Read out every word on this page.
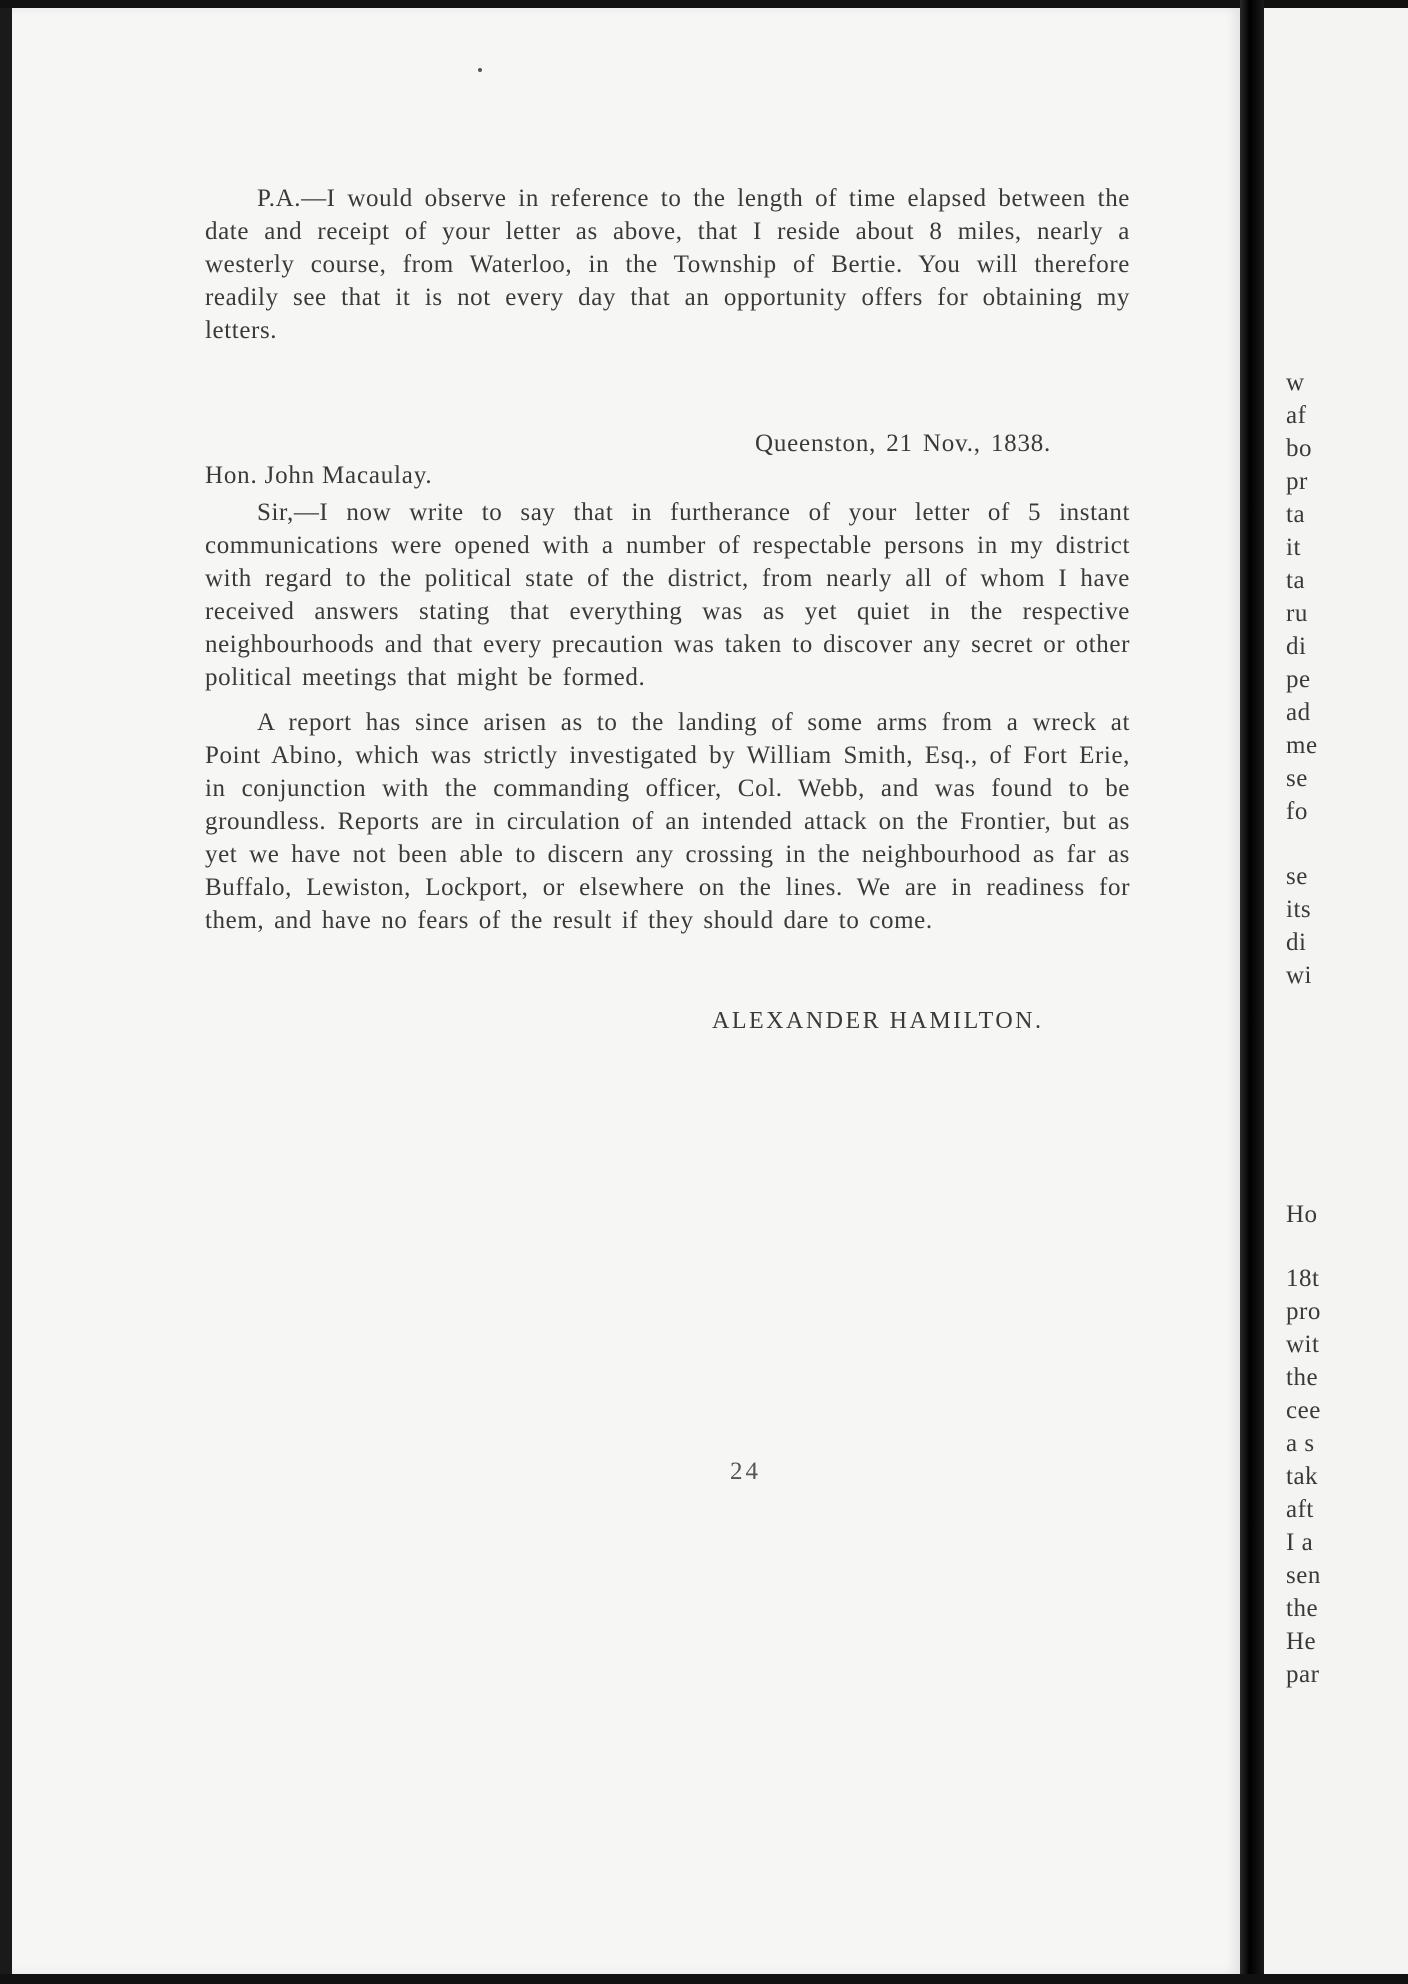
w
af
bo
pr
ta
it
ta
ru
di
pe
ad
me
se
fo
se
its
di
wi
Ho
18t
pro
wit
the
cee
a s
tak
aft
I a
sen
the
He
par

P.A.—I would observe in reference to the length of time elapsed between the date and receipt of your letter as above, that I reside about 8 miles, nearly a westerly course, from Waterloo, in the Township of Bertie. You will therefore readily see that it is not every day that an opportunity offers for obtaining my letters.

Queenston, 21 Nov., 1838.
Hon. John Macaulay.

Sir,—I now write to say that in furtherance of your letter of 5 instant communications were opened with a number of respectable persons in my district with regard to the political state of the district, from nearly all of whom I have received answers stating that everything was as yet quiet in the respective neighbourhoods and that every precaution was taken to discover any secret or other political meetings that might be formed.

A report has since arisen as to the landing of some arms from a wreck at Point Abino, which was strictly investigated by William Smith, Esq., of Fort Erie, in conjunction with the commanding officer, Col. Webb, and was found to be groundless. Reports are in circulation of an intended attack on the Frontier, but as yet we have not been able to discern any crossing in the neighbourhood as far as Buffalo, Lewiston, Lockport, or elsewhere on the lines. We are in readiness for them, and have no fears of the result if they should dare to come.

ALEXANDER HAMILTON.
24
